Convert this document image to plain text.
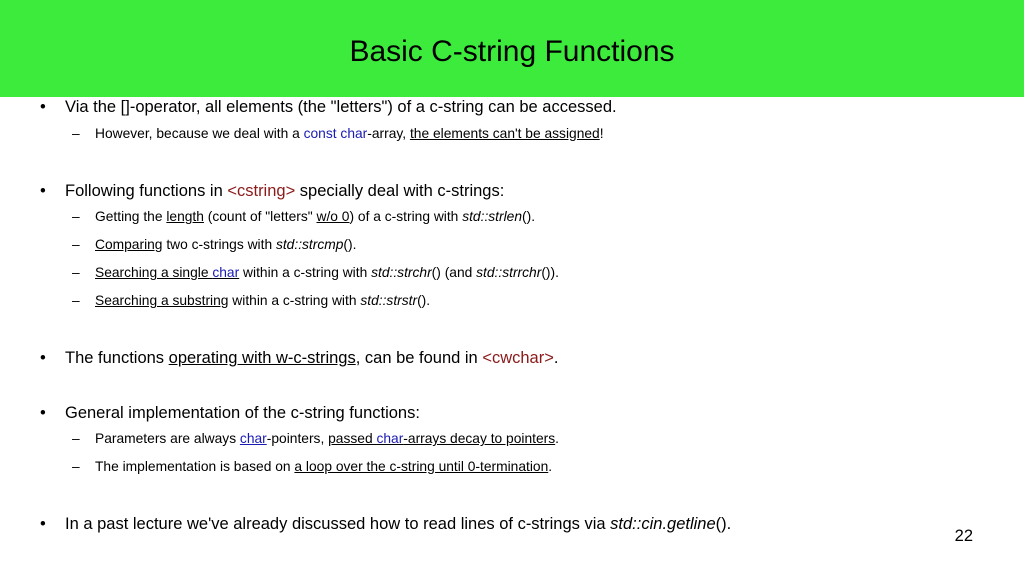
Basic C-string Functions
• Via the []-operator, all elements (the "letters") of a c-string can be accessed.
– However, because we deal with a const char-array, the elements can't be assigned!
• Following functions in <cstring> specially deal with c-strings:
– Getting the length (count of "letters" w/o 0) of a c-string with std::strlen().
– Comparing two c-strings with std::strcmp().
– Searching a single char within a c-string with std::strchr() (and std::strrchr()).
– Searching a substring within a c-string with std::strstr().
• The functions operating with w-c-strings, can be found in <cwchar>.
• General implementation of the c-string functions:
– Parameters are always char-pointers, passed char-arrays decay to pointers.
– The implementation is based on a loop over the c-string until 0-termination.
• In a past lecture we've already discussed how to read lines of c-strings via std::cin.getline().
22
